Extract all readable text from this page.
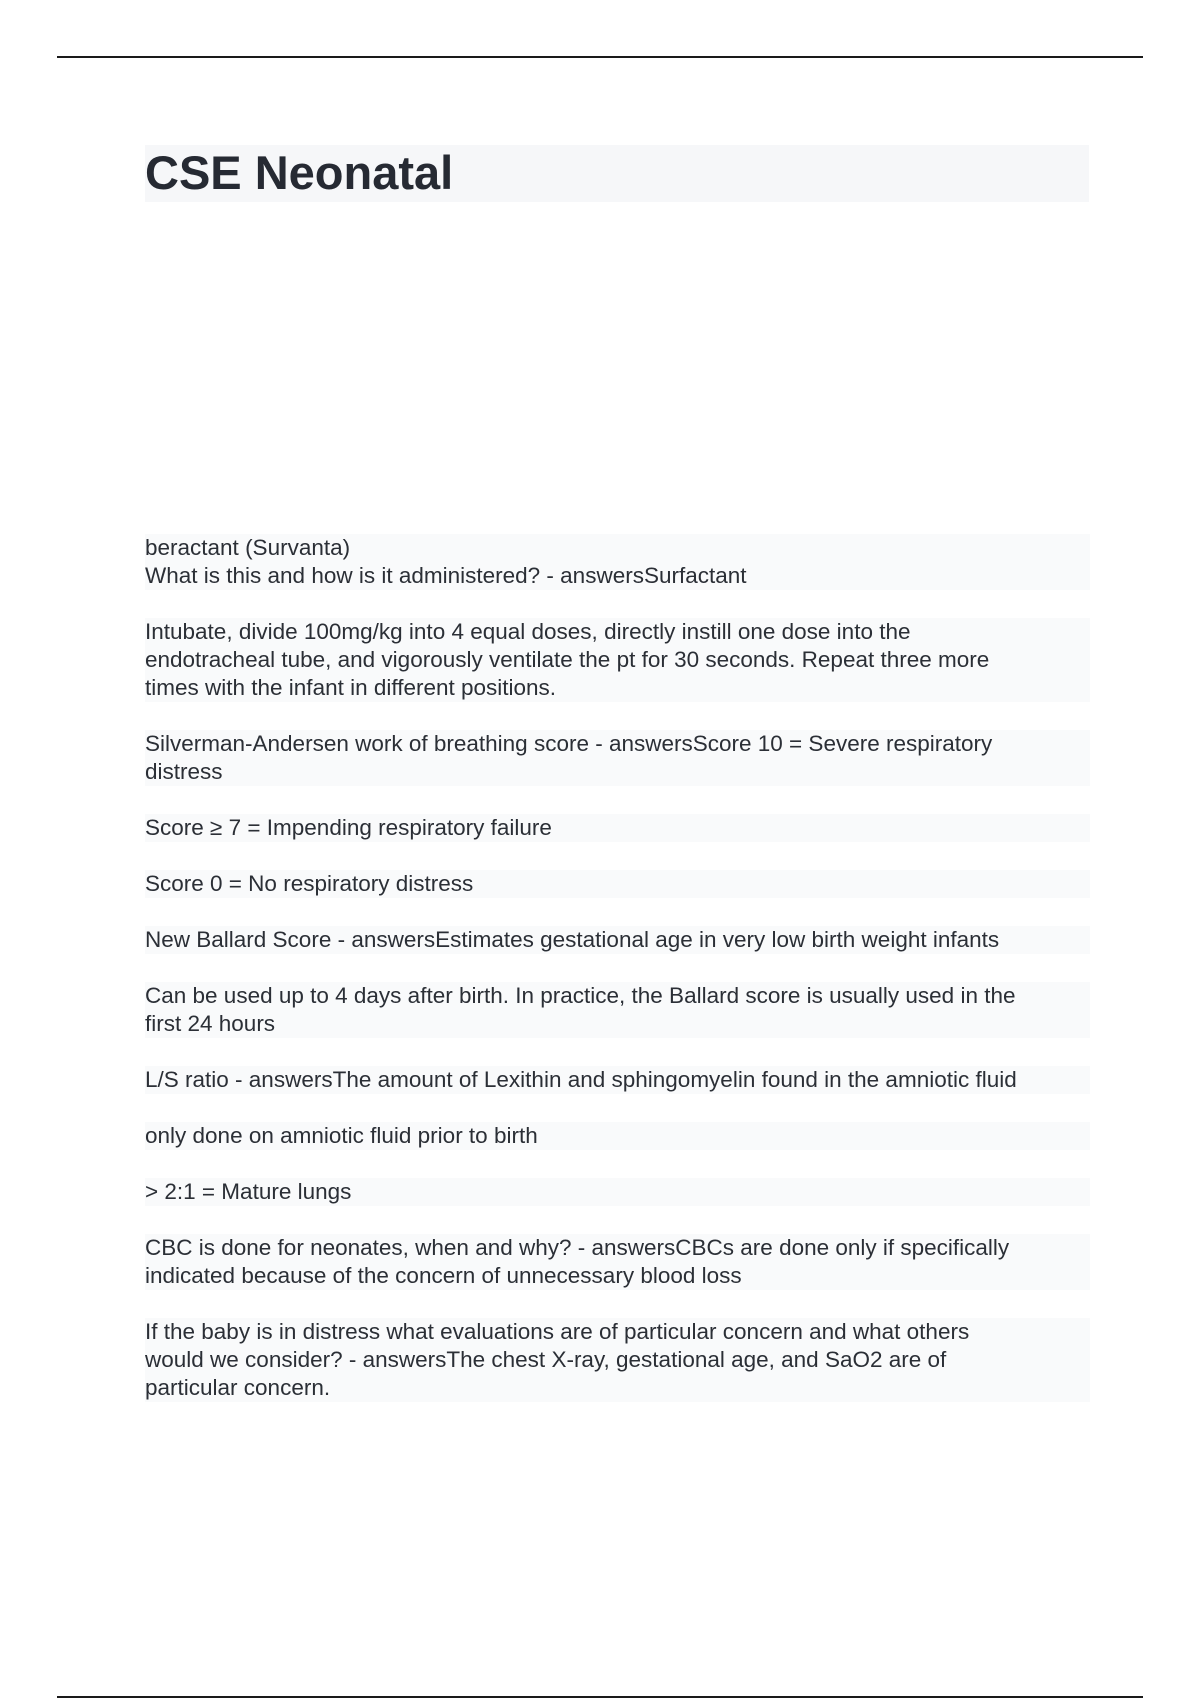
CSE Neonatal

beractant (Survanta)
What is this and how is it administered? - answersSurfactant

Intubate, divide 100mg/kg into 4 equal doses, directly instill one dose into the
endotracheal tube, and vigorously ventilate the pt for 30 seconds. Repeat three more
times with the infant in different positions.

Silverman-Andersen work of breathing score - answersScore 10 = Severe respiratory
distress

Score ≥ 7 = Impending respiratory failure

Score 0 = No respiratory distress

New Ballard Score - answersEstimates gestational age in very low birth weight infants

Can be used up to 4 days after birth. In practice, the Ballard score is usually used in the
first 24 hours

L/S ratio - answersThe amount of Lexithin and sphingomyelin found in the amniotic fluid

only done on amniotic fluid prior to birth

> 2:1 = Mature lungs

CBC is done for neonates, when and why? - answersCBCs are done only if specifically
indicated because of the concern of unnecessary blood loss

If the baby is in distress what evaluations are of particular concern and what others
would we consider? - answersThe chest X-ray, gestational age, and SaO2 are of
particular concern.
